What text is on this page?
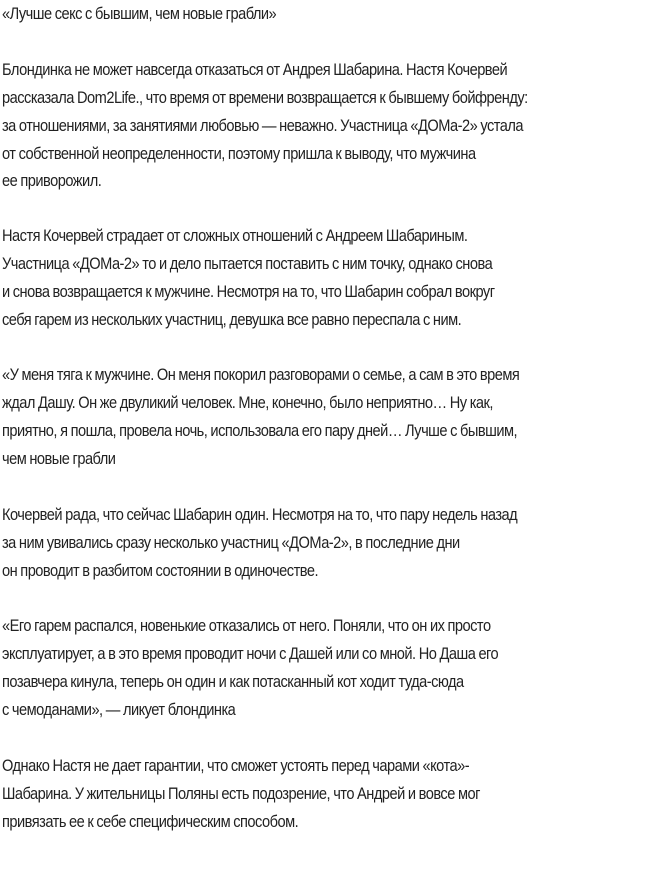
«Лучше секс с бывшим, чем новые грабли»
Блондинка не может навсегда отказаться от Андрея Шабарина. Настя Кочервей
рассказала Dom2Life., что время от времени возвращается к бывшему бойфренду:
за отношениями, за занятиями любовью — неважно. Участница «ДОМа-2» устала
от собственной неопределенности, поэтому пришла к выводу, что мужчина
ее приворожил.
Настя Кочервей страдает от сложных отношений с Андреем Шабариным.
Участница «ДОМа-2» то и дело пытается поставить с ним точку, однако снова
и снова возвращается к мужчине. Несмотря на то, что Шабарин собрал вокруг
себя гарем из нескольких участниц, девушка все равно переспала с ним.
«У меня тяга к мужчине. Он меня покорил разговорами о семье, а сам в это время
ждал Дашу. Он же двуликий человек. Мне, конечно, было неприятно… Ну как,
приятно, я пошла, провела ночь, использовала его пару дней… Лучше с бывшим,
чем новые грабли
Кочервей рада, что сейчас Шабарин один. Несмотря на то, что пару недель назад
за ним увивались сразу несколько участниц «ДОМа-2», в последние дни
он проводит в разбитом состоянии в одиночестве.
«Его гарем распался, новенькие отказались от него. Поняли, что он их просто
эксплуатирует, а в это время проводит ночи с Дашей или со мной. Но Даша его
позавчера кинула, теперь он один и как потасканный кот ходит туда-сюда
с чемоданами», — ликует блондинка
Однако Настя не дает гарантии, что сможет устоять перед чарами «кота»-
Шабарина. У жительницы Поляны есть подозрение, что Андрей и вовсе мог
привязать ее к себе специфическим способом.
